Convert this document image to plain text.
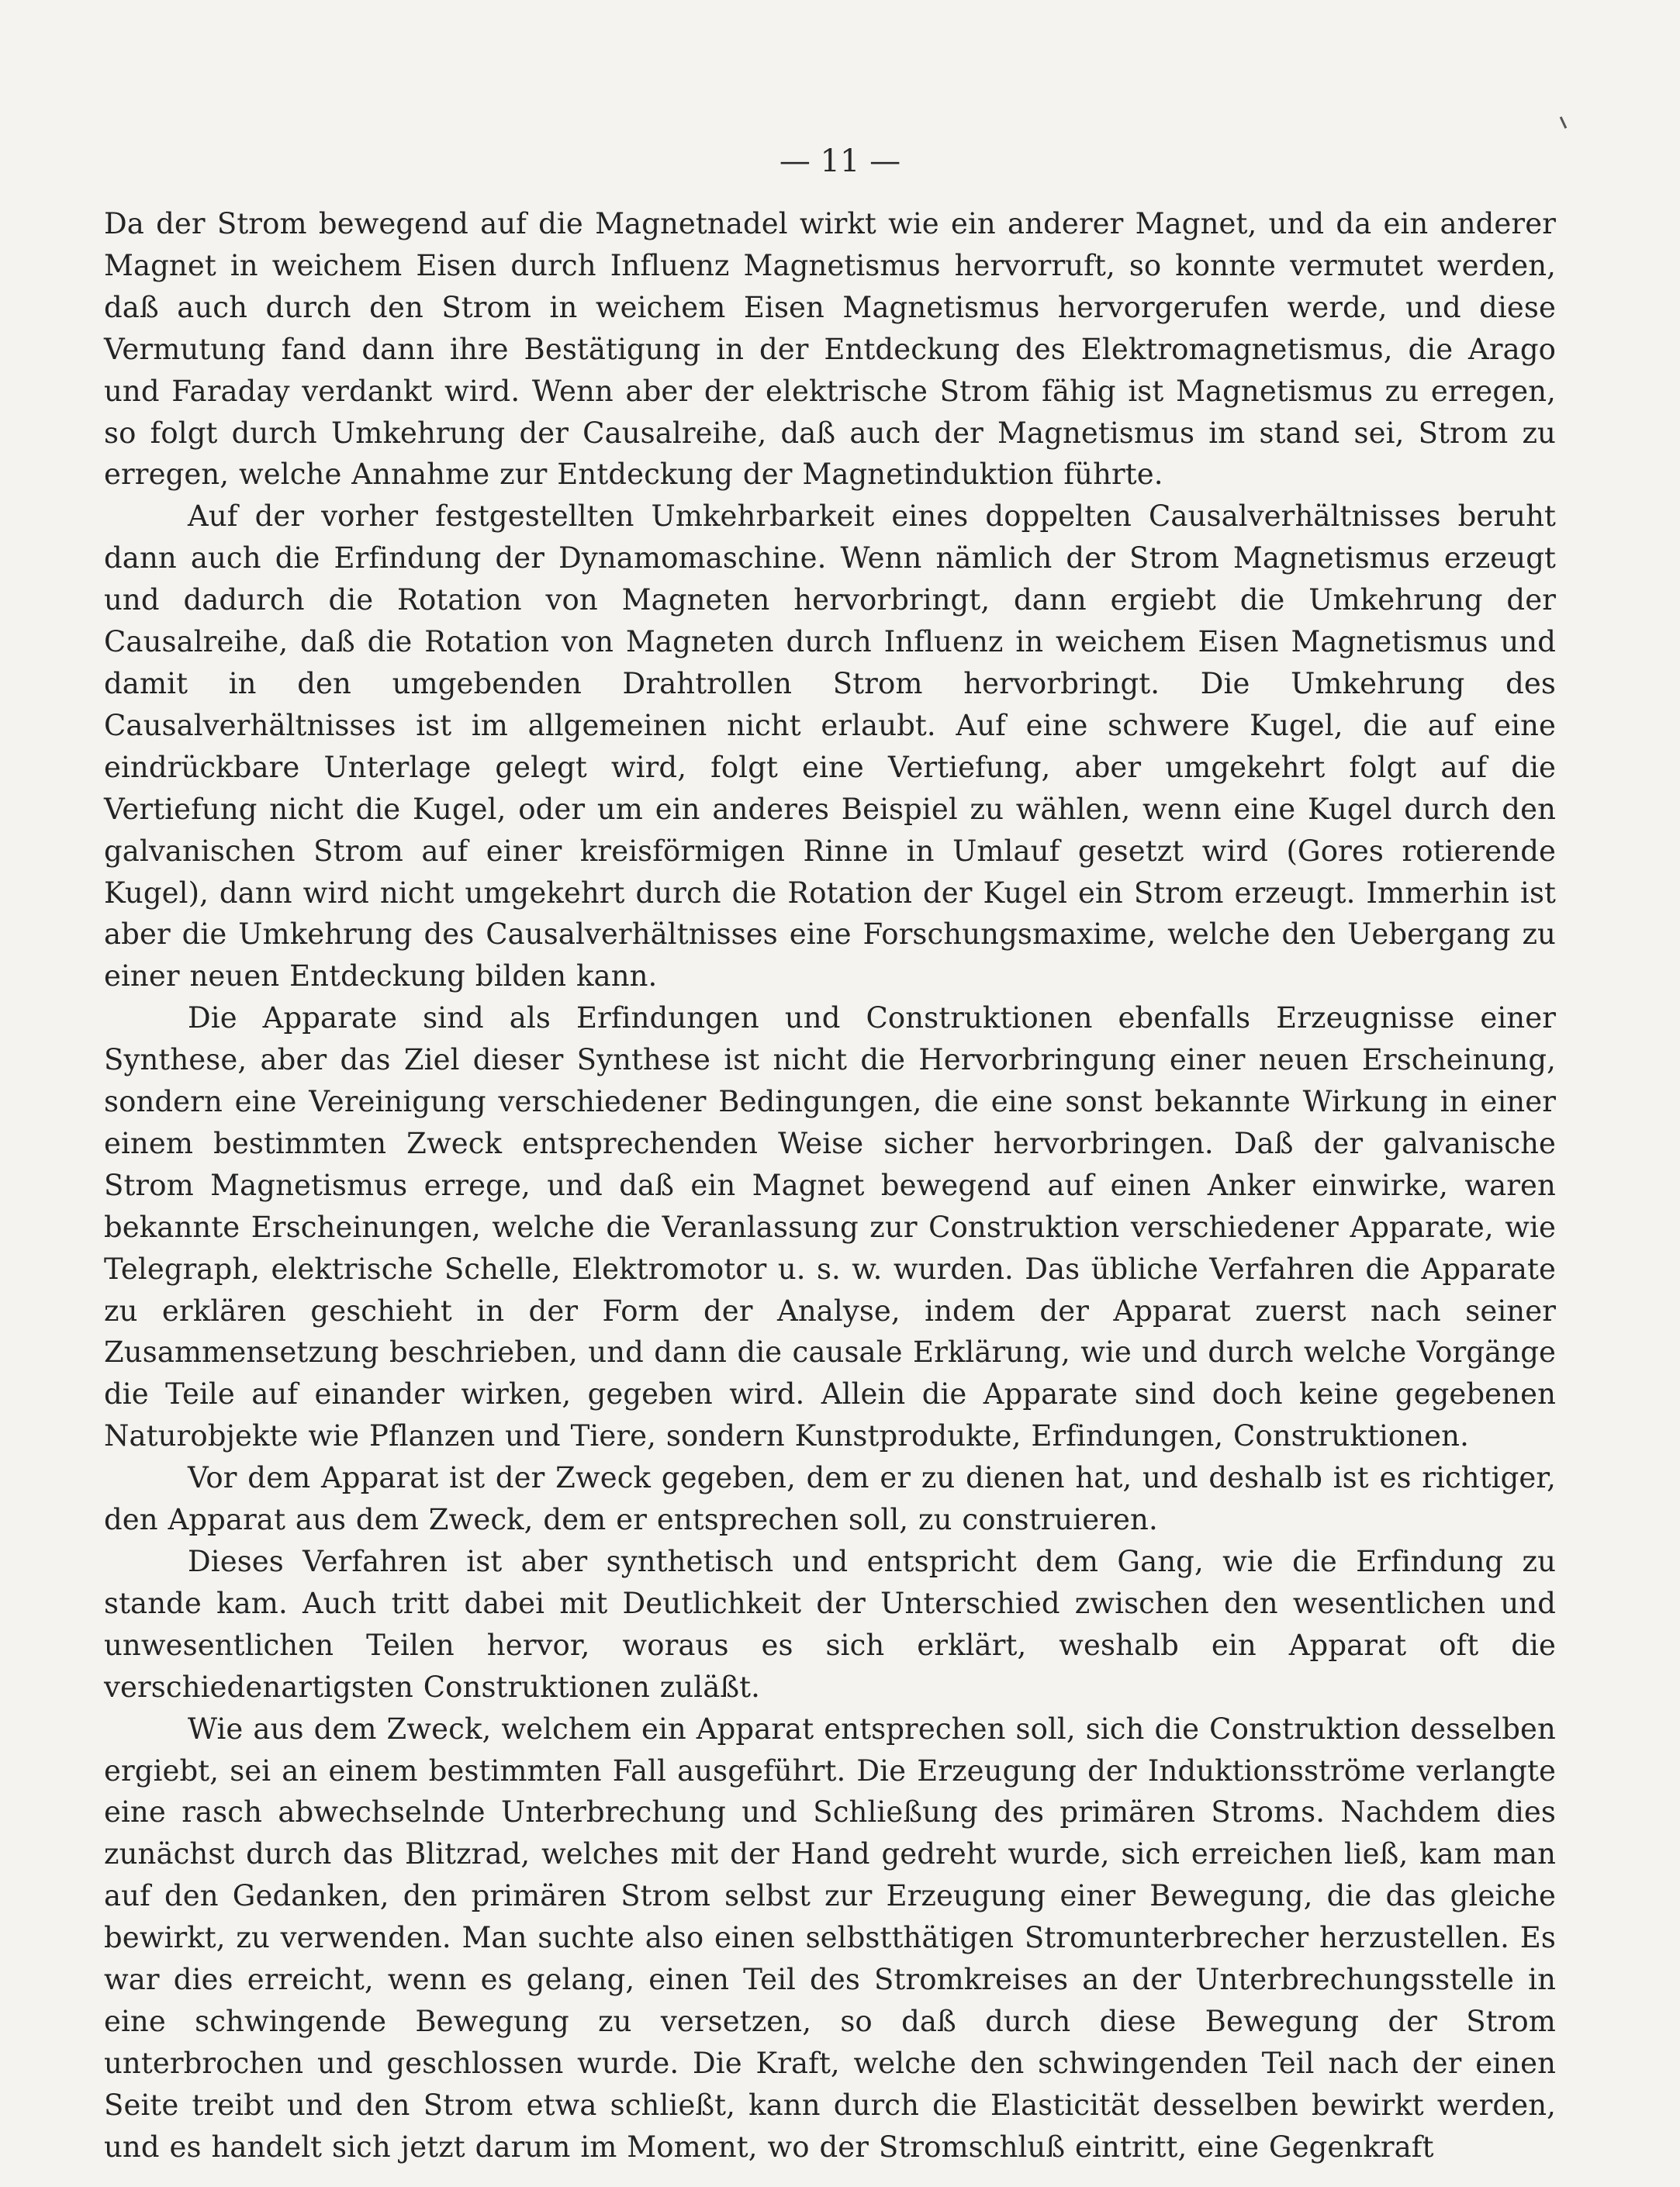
— 11 —

Da der Strom bewegend auf die Magnetnadel wirkt wie ein anderer Magnet, und da ein anderer Magnet in weichem Eisen durch Influenz Magnetismus hervorruft, so konnte vermutet werden, daß auch durch den Strom in weichem Eisen Magnetismus hervorgerufen werde, und diese Vermutung fand dann ihre Bestätigung in der Entdeckung des Elektromagnetismus, die Arago und Faraday verdankt wird. Wenn aber der elektrische Strom fähig ist Magnetismus zu erregen, so folgt durch Umkehrung der Causalreihe, daß auch der Magnetismus im stand sei, Strom zu erregen, welche Annahme zur Entdeckung der Magnetinduktion führte.

Auf der vorher festgestellten Umkehrbarkeit eines doppelten Causalverhältnisses beruht dann auch die Erfindung der Dynamomaschine. Wenn nämlich der Strom Magnetismus erzeugt und dadurch die Rotation von Magneten hervorbringt, dann ergiebt die Umkehrung der Causalreihe, daß die Rotation von Magneten durch Influenz in weichem Eisen Magnetismus und damit in den umgebenden Drahtrollen Strom hervorbringt. Die Umkehrung des Causalverhältnisses ist im allgemeinen nicht erlaubt. Auf eine schwere Kugel, die auf eine eindrückbare Unterlage gelegt wird, folgt eine Vertiefung, aber umgekehrt folgt auf die Vertiefung nicht die Kugel, oder um ein anderes Beispiel zu wählen, wenn eine Kugel durch den galvanischen Strom auf einer kreisförmigen Rinne in Umlauf gesetzt wird (Gores rotierende Kugel), dann wird nicht umgekehrt durch die Rotation der Kugel ein Strom erzeugt. Immerhin ist aber die Umkehrung des Causalverhältnisses eine Forschungsmaxime, welche den Uebergang zu einer neuen Entdeckung bilden kann.

Die Apparate sind als Erfindungen und Construktionen ebenfalls Erzeugnisse einer Synthese, aber das Ziel dieser Synthese ist nicht die Hervorbringung einer neuen Erscheinung, sondern eine Vereinigung verschiedener Bedingungen, die eine sonst bekannte Wirkung in einer einem bestimmten Zweck entsprechenden Weise sicher hervorbringen. Daß der galvanische Strom Magnetismus errege, und daß ein Magnet bewegend auf einen Anker einwirke, waren bekannte Erscheinungen, welche die Veranlassung zur Construktion verschiedener Apparate, wie Telegraph, elektrische Schelle, Elektromotor u. s. w. wurden. Das übliche Verfahren die Apparate zu erklären geschieht in der Form der Analyse, indem der Apparat zuerst nach seiner Zusammensetzung beschrieben, und dann die causale Erklärung, wie und durch welche Vorgänge die Teile auf einander wirken, gegeben wird. Allein die Apparate sind doch keine gegebenen Naturobjekte wie Pflanzen und Tiere, sondern Kunstprodukte, Erfindungen, Construktionen.

Vor dem Apparat ist der Zweck gegeben, dem er zu dienen hat, und deshalb ist es richtiger, den Apparat aus dem Zweck, dem er entsprechen soll, zu construieren.

Dieses Verfahren ist aber synthetisch und entspricht dem Gang, wie die Erfindung zu stande kam. Auch tritt dabei mit Deutlichkeit der Unterschied zwischen den wesentlichen und unwesentlichen Teilen hervor, woraus es sich erklärt, weshalb ein Apparat oft die verschiedenartigsten Construktionen zuläßt.

Wie aus dem Zweck, welchem ein Apparat entsprechen soll, sich die Construktion desselben ergiebt, sei an einem bestimmten Fall ausgeführt. Die Erzeugung der Induktionsströme verlangte eine rasch abwechselnde Unterbrechung und Schließung des primären Stroms. Nachdem dies zunächst durch das Blitzrad, welches mit der Hand gedreht wurde, sich erreichen ließ, kam man auf den Gedanken, den primären Strom selbst zur Erzeugung einer Bewegung, die das gleiche bewirkt, zu verwenden. Man suchte also einen selbstthätigen Stromunterbrecher herzustellen. Es war dies erreicht, wenn es gelang, einen Teil des Stromkreises an der Unterbrechungsstelle in eine schwingende Bewegung zu versetzen, so daß durch diese Bewegung der Strom unterbrochen und geschlossen wurde. Die Kraft, welche den schwingenden Teil nach der einen Seite treibt und den Strom etwa schließt, kann durch die Elasticität desselben bewirkt werden, und es handelt sich jetzt darum im Moment, wo der Stromschluß eintritt, eine Gegenkraft
